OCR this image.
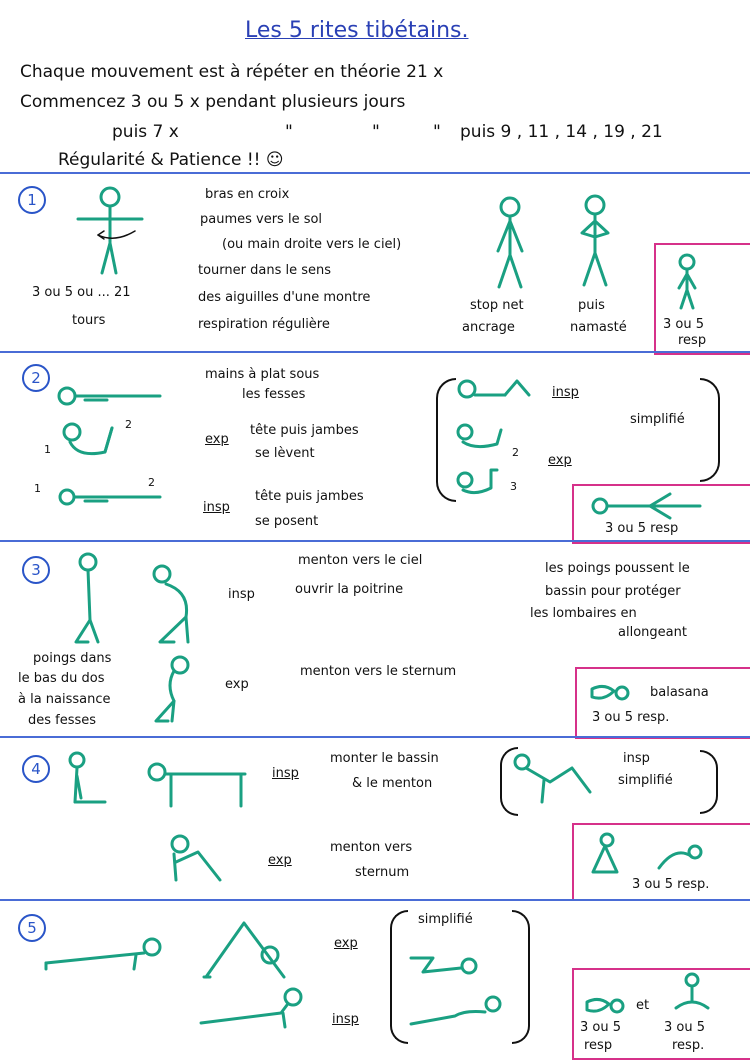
Les 5 rites tibétains.
Chaque mouvement est à répéter en théorie 21 x
Commencez 3 ou 5 x pendant plusieurs jours
puis 7 x	"	"	" puis 9 , 11 , 14 , 19 , 21
Régularité & Patience !! ☺
1
3 ou 5 ou ... 21
tours
bras en croix
paumes vers le sol
(ou main droite vers le ciel)
tourner dans le sens
des aiguilles d'une montre
respiration régulière
stop net
ancrage
puis
namasté	3 ou 5
resp
2
1
2
1	2
mains à plat sous
les fesses
exp
tête puis jambes
se lèvent
insp
tête puis jambes
se posent
2
3
insp
exp
simplifié
3 ou 5 resp
3
insp
menton vers le ciel
ouvrir la poitrine
poings dans
le bas du dos
à la naissance
des fesses
exp
menton vers le sternum
les poings poussent le
bassin pour protéger
les lombaires en
allongeant
balasana
3 ou 5 resp.
4	insp
monter le bassin
& le menton
insp
simplifié
exp
menton vers
sternum
3 ou 5 resp.
5
exp
insp
simplifié
et
3 ou 5
resp
3 ou 5
resp.
